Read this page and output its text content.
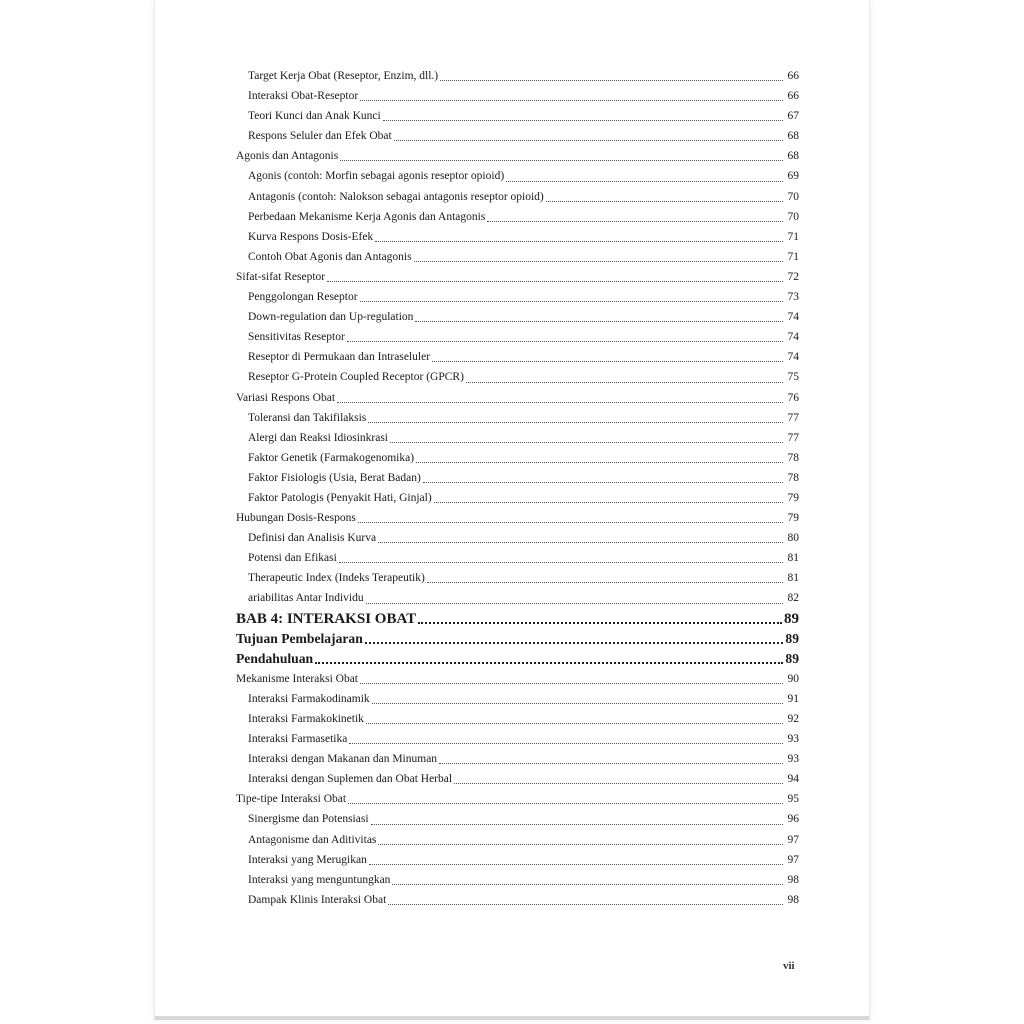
Target Kerja Obat (Reseptor, Enzim, dll.)	66
Interaksi Obat-Reseptor	66
Teori Kunci dan Anak Kunci	67
Respons Seluler dan Efek Obat	68
Agonis dan Antagonis	68
Agonis (contoh: Morfin sebagai agonis reseptor opioid)	69
Antagonis (contoh: Nalokson sebagai antagonis reseptor opioid)	70
Perbedaan Mekanisme Kerja Agonis dan Antagonis	70
Kurva Respons Dosis-Efek	71
Contoh Obat Agonis dan Antagonis	71
Sifat-sifat Reseptor	72
Penggolongan Reseptor	73
Down-regulation dan Up-regulation	74
Sensitivitas Reseptor	74
Reseptor di Permukaan dan Intraseluler	74
Reseptor G-Protein Coupled Receptor (GPCR)	75
Variasi Respons Obat	76
Toleransi dan Takifilaksis	77
Alergi dan Reaksi Idiosinkrasi	77
Faktor Genetik (Farmakogenomika)	78
Faktor Fisiologis (Usia, Berat Badan)	78
Faktor Patologis (Penyakit Hati, Ginjal)	79
Hubungan Dosis-Respons	79
Definisi dan Analisis Kurva	80
Potensi dan Efikasi	81
Therapeutic Index (Indeks Terapeutik)	81
ariabilitas Antar Individu	82
BAB 4: INTERAKSI OBAT	89
Tujuan Pembelajaran	89
Pendahuluan	89
Mekanisme Interaksi Obat	90
Interaksi Farmakodinamik	91
Interaksi Farmakokinetik	92
Interaksi Farmasetika	93
Interaksi dengan Makanan dan Minuman	93
Interaksi dengan Suplemen dan Obat Herbal	94
Tipe-tipe Interaksi Obat	95
Sinergisme dan Potensiasi	96
Antagonisme dan Aditivitas	97
Interaksi yang Merugikan	97
Interaksi yang menguntungkan	98
Dampak Klinis Interaksi Obat	98
vii
